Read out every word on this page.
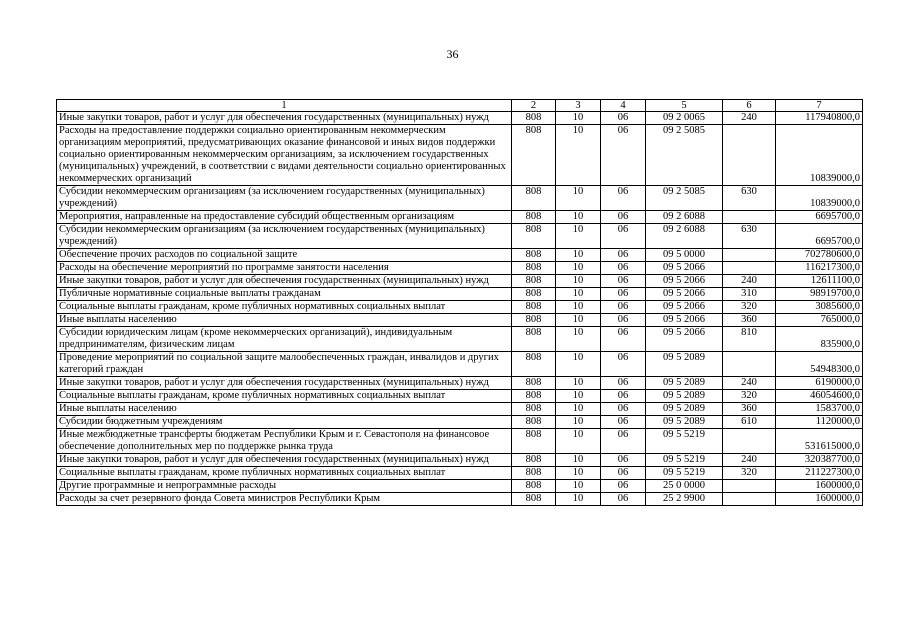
36
1	2	3	4	5	6	7
Иные закупки товаров, работ и услуг для обеспечения государственных (муниципальных) нужд	808	10	06	09 2 0065	240	117940800,0
Расходы на предоставление поддержки социально ориентированным некоммерческим организациям мероприятий, предусматривающих оказание финансовой и иных видов поддержки социально ориентированным некоммерческим организациям, за исключением государственных (муниципальных) учреждений, в соответствии с видами деятельности социально ориентированных некоммерческих организаций	808	10	06	09 2 5085		10839000,0
Субсидии некоммерческим организациям (за исключением государственных (муниципальных) учреждений)	808	10	06	09 2 5085	630	10839000,0
Мероприятия, направленные на предоставление субсидий общественным организациям	808	10	06	09 2 6088		6695700,0
Субсидии некоммерческим организациям (за исключением государственных (муниципальных) учреждений)	808	10	06	09 2 6088	630	6695700,0
Обеспечение прочих расходов по социальной защите	808	10	06	09 5 0000		702780600,0
Расходы на обеспечение мероприятий по программе занятости населения	808	10	06	09 5 2066		116217300,0
Иные закупки товаров, работ и услуг для обеспечения государственных (муниципальных) нужд	808	10	06	09 5 2066	240	12611100,0
Публичные нормативные социальные выплаты гражданам	808	10	06	09 5 2066	310	98919700,0
Социальные выплаты гражданам, кроме публичных нормативных социальных выплат	808	10	06	09 5 2066	320	3085600,0
Иные выплаты населению	808	10	06	09 5 2066	360	765000,0
Субсидии юридическим лицам (кроме некоммерческих организаций), индивидуальным предпринимателям, физическим лицам	808	10	06	09 5 2066	810	835900,0
Проведение мероприятий по социальной защите малообеспеченных граждан, инвалидов и других категорий граждан	808	10	06	09 5 2089		54948300,0
Иные закупки товаров, работ и услуг для обеспечения государственных (муниципальных) нужд	808	10	06	09 5 2089	240	6190000,0
Социальные выплаты гражданам, кроме публичных нормативных социальных выплат	808	10	06	09 5 2089	320	46054600,0
Иные выплаты населению	808	10	06	09 5 2089	360	1583700,0
Субсидии бюджетным учреждениям	808	10	06	09 5 2089	610	1120000,0
Иные межбюджетные трансферты бюджетам Республики Крым и г. Севастополя на финансовое обеспечение дополнительных мер по поддержке рынка труда	808	10	06	09 5 5219		531615000,0
Иные закупки товаров, работ и услуг для обеспечения государственных (муниципальных) нужд	808	10	06	09 5 5219	240	320387700,0
Социальные выплаты гражданам, кроме публичных нормативных социальных выплат	808	10	06	09 5 5219	320	211227300,0
Другие программные и непрограммные расходы	808	10	06	25 0 0000		1600000,0
Расходы за счет резервного фонда Совета министров Республики Крым	808	10	06	25 2 9900		1600000,0
